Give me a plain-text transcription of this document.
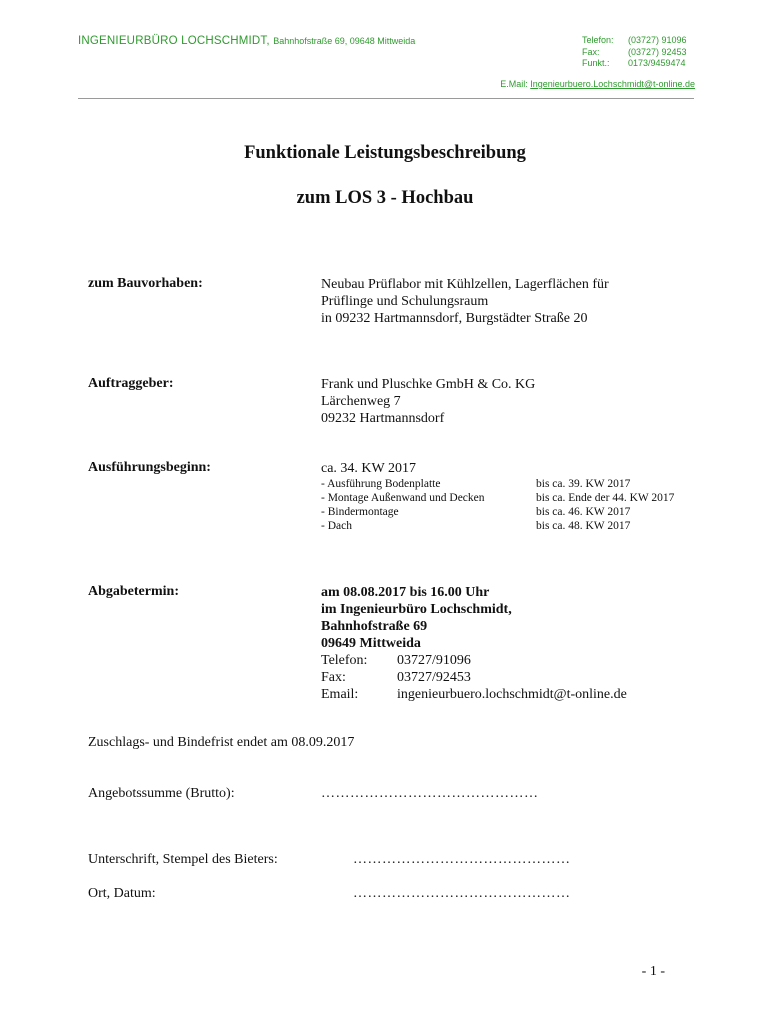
INGENIEURBÜRO LOCHSCHMIDT, Bahnhofstraße 69, 09648 Mittweida	Telefon:	(03727) 91096
Fax:	(03727) 92453
Funkt.:	0173/9459474
E.Mail: Ingenieurbuero.Lochschmidt@t-online.de
Funktionale Leistungsbeschreibung
zum LOS 3 - Hochbau
zum Bauvorhaben:	Neubau Prüflabor mit Kühlzellen, Lagerflächen für
Prüflinge und Schulungsraum
in 09232 Hartmannsdorf, Burgstädter Straße 20
Auftraggeber:	Frank und Pluschke GmbH & Co. KG
Lärchenweg 7
09232 Hartmannsdorf
Ausführungsbeginn:	ca. 34. KW 2017
- Ausführung Bodenplatte	bis ca. 39. KW 2017
- Montage Außenwand und Decken	bis ca. Ende der 44. KW 2017
- Bindermontage	bis ca. 46. KW 2017
- Dach	bis ca. 48. KW 2017
Abgabetermin:	am 08.08.2017 bis 16.00 Uhr
im Ingenieurbüro Lochschmidt,
Bahnhofstraße 69
09649 Mittweida
Telefon:	03727/91096
Fax:	03727/92453
Email:	ingenieurbuero.lochschmidt@t-online.de
Zuschlags- und Bindefrist endet am 08.09.2017
Angebotssumme (Brutto):	………………………………………
Unterschrift, Stempel des Bieters:	………………………………………
Ort, Datum:	………………………………………
- 1 -
